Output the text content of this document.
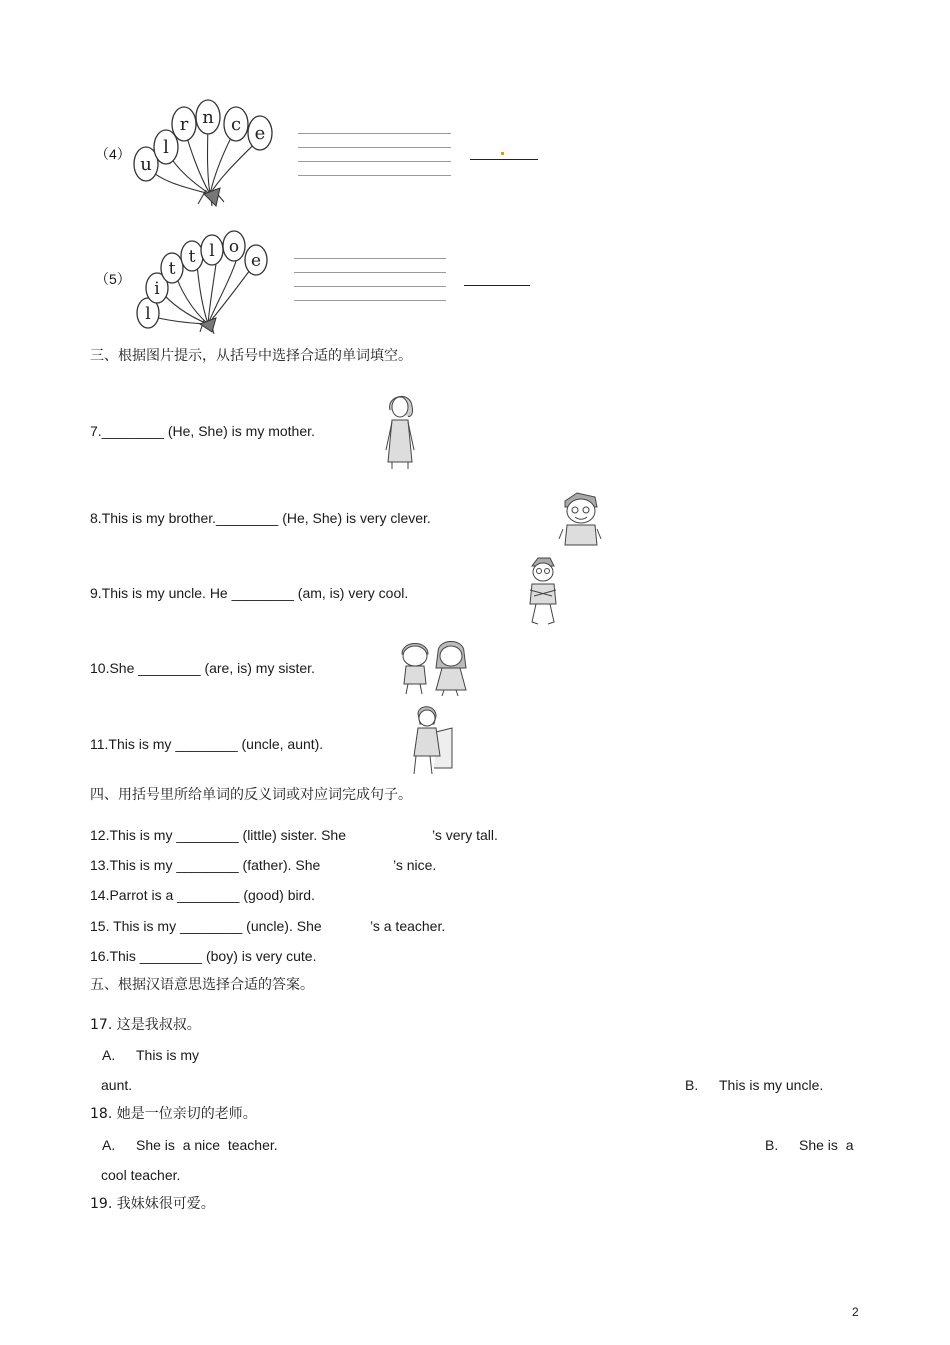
（4） u
l
r n c e
（5）
l
i
t
t l o
e
三、根据图片提示，从括号中选择合适的单词填空。
7.________ (He, She) is my mother.
8.This is my brother.________ (He, She) is very clever.
9.This is my uncle. He ________ (am, is) very cool.
10.She ________ (are, is) my sister.
11.This is my ________ (uncle, aunt).
四、用括号里所给单词的反义词或对应词完成句子。
12.This is my ________ (little) sister. She	’s very tall.
13.This is my ________ (father). She	’s nice.
14.Parrot is a ________ (good) bird.
15. This is my ________ (uncle). She	’s a teacher.
16.This ________ (boy) is very cute.
五、根据汉语意思选择合适的答案。
17. 这是我叔叔。
A. This is my
aunt.	B. This is my uncle.
18. 她是一位亲切的老师。
A. She is  a nice  teacher.	B. She is  a
cool teacher.
19. 我妹妹很可爱。
2
